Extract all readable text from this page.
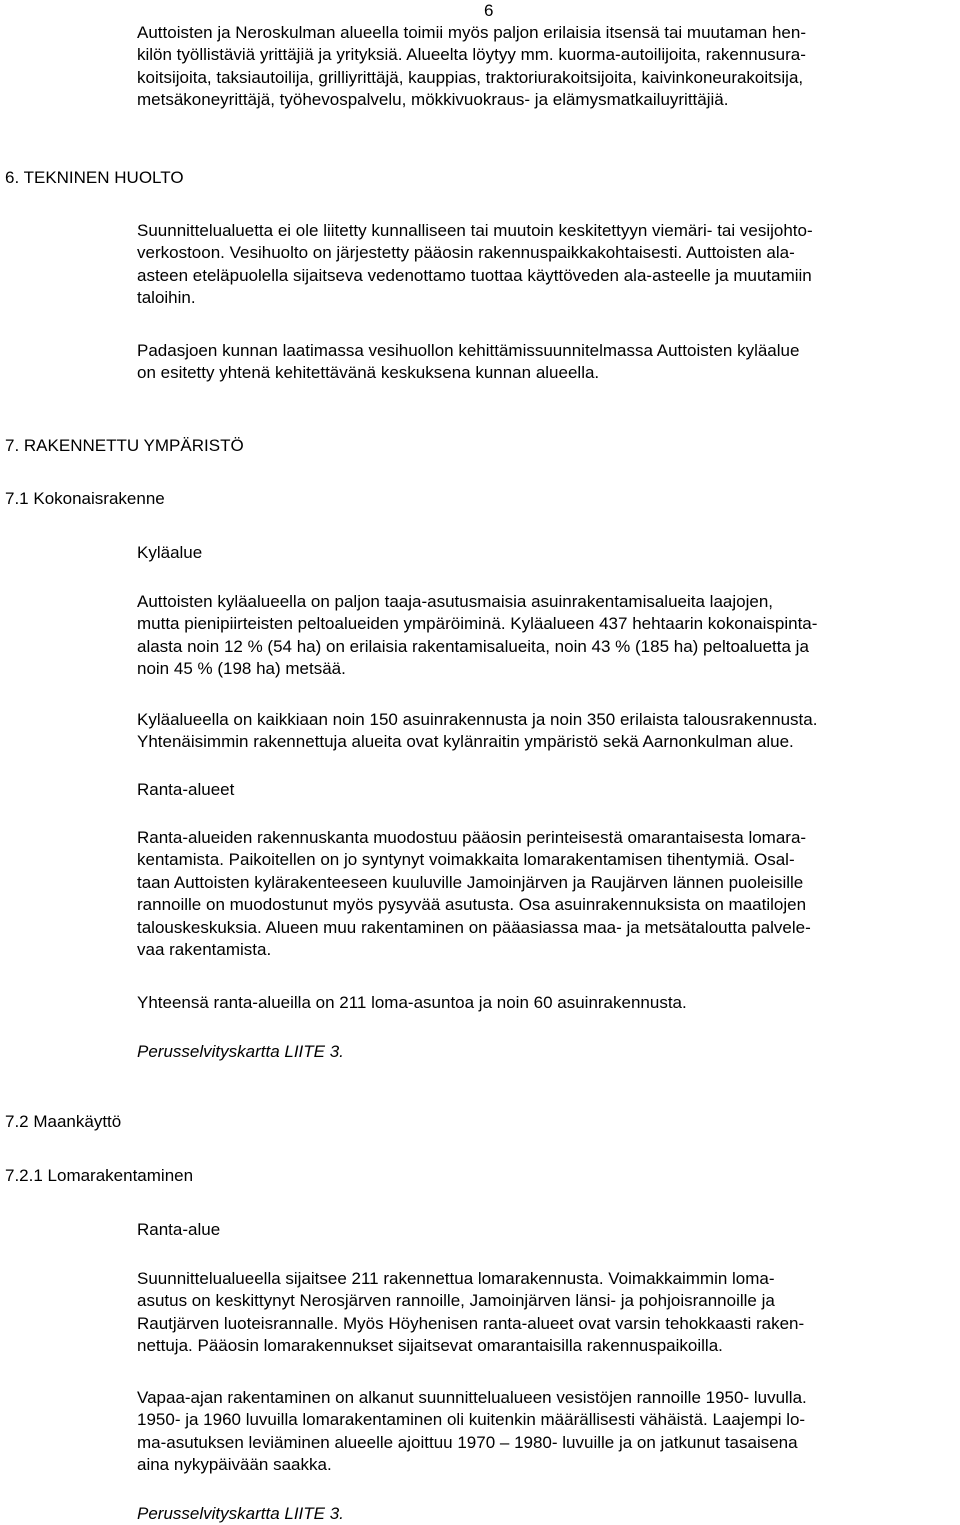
6
Auttoisten ja Neroskulman alueella toimii myös paljon erilaisia itsensä tai muutaman hen-
kilön työllistäviä yrittäjiä ja yrityksiä. Alueelta löytyy mm. kuorma-autoilijoita, rakennusura-
koitsijoita, taksiautoilija, grilliyrittäjä, kauppias, traktoriurakoitsijoita, kaivinkoneurakoitsija,
metsäkoneyrittäjä, työhevospalvelu, mökkivuokraus- ja elämysmatkailuyrittäjiä.
6. TEKNINEN HUOLTO
Suunnittelualuetta ei ole liitetty kunnalliseen tai muutoin keskitettyyn viemäri- tai vesijohto-
verkostoon. Vesihuolto on järjestetty pääosin rakennuspaikkakohtaisesti. Auttoisten ala-
asteen eteläpuolella sijaitseva vedenottamo tuottaa käyttöveden ala-asteelle ja muutamiin
taloihin.
Padasjoen kunnan laatimassa vesihuollon kehittämissuunnitelmassa Auttoisten kyläalue
on esitetty yhtenä kehitettävänä keskuksena kunnan alueella.
7. RAKENNETTU YMPÄRISTÖ
7.1 Kokonaisrakenne
Kyläalue
Auttoisten kyläalueella on paljon taaja-asutusmaisia asuinrakentamisalueita laajojen,
mutta pienipiirteisten peltoalueiden ympäröiminä. Kyläalueen 437 hehtaarin kokonaispinta-
alasta noin 12 % (54 ha) on erilaisia rakentamisalueita, noin 43 % (185 ha) peltoaluetta ja
noin 45 % (198 ha) metsää.
Kyläalueella on kaikkiaan noin 150 asuinrakennusta ja noin 350 erilaista talousrakennusta.
Yhtenäisimmin rakennettuja alueita ovat kylänraitin ympäristö sekä Aarnonkulman alue.
Ranta-alueet
Ranta-alueiden rakennuskanta muodostuu pääosin perinteisestä omarantaisesta lomara-
kentamista. Paikoitellen on jo syntynyt voimakkaita lomarakentamisen tihentymiä. Osal-
taan Auttoisten kylärakenteeseen kuuluville Jamoinjärven ja Raujärven lännen puoleisille
rannoille on muodostunut myös pysyvää asutusta. Osa asuinrakennuksista on maatilojen
talouskeskuksia. Alueen muu rakentaminen on pääasiassa maa- ja metsätaloutta palvele-
vaa rakentamista.
Yhteensä ranta-alueilla on 211 loma-asuntoa ja noin 60 asuinrakennusta.
Perusselvityskartta LIITE 3.
7.2 Maankäyttö
7.2.1 Lomarakentaminen
Ranta-alue
Suunnittelualueella sijaitsee 211 rakennettua lomarakennusta. Voimakkaimmin loma-
asutus on keskittynyt Nerosjärven rannoille, Jamoinjärven länsi- ja pohjoisrannoille ja
Rautjärven luoteisrannalle. Myös Höyhenisen ranta-alueet ovat varsin tehokkaasti raken-
nettuja. Pääosin lomarakennukset sijaitsevat omarantaisilla rakennuspaikoilla.
Vapaa-ajan rakentaminen on alkanut suunnittelualueen vesistöjen rannoille 1950- luvulla.
1950- ja 1960 luvuilla lomarakentaminen oli kuitenkin määrällisesti vähäistä. Laajempi lo-
ma-asutuksen leviäminen alueelle ajoittuu 1970 – 1980- luvuille ja on jatkunut tasaisena
aina nykypäivään saakka.
Perusselvityskartta LIITE 3.
